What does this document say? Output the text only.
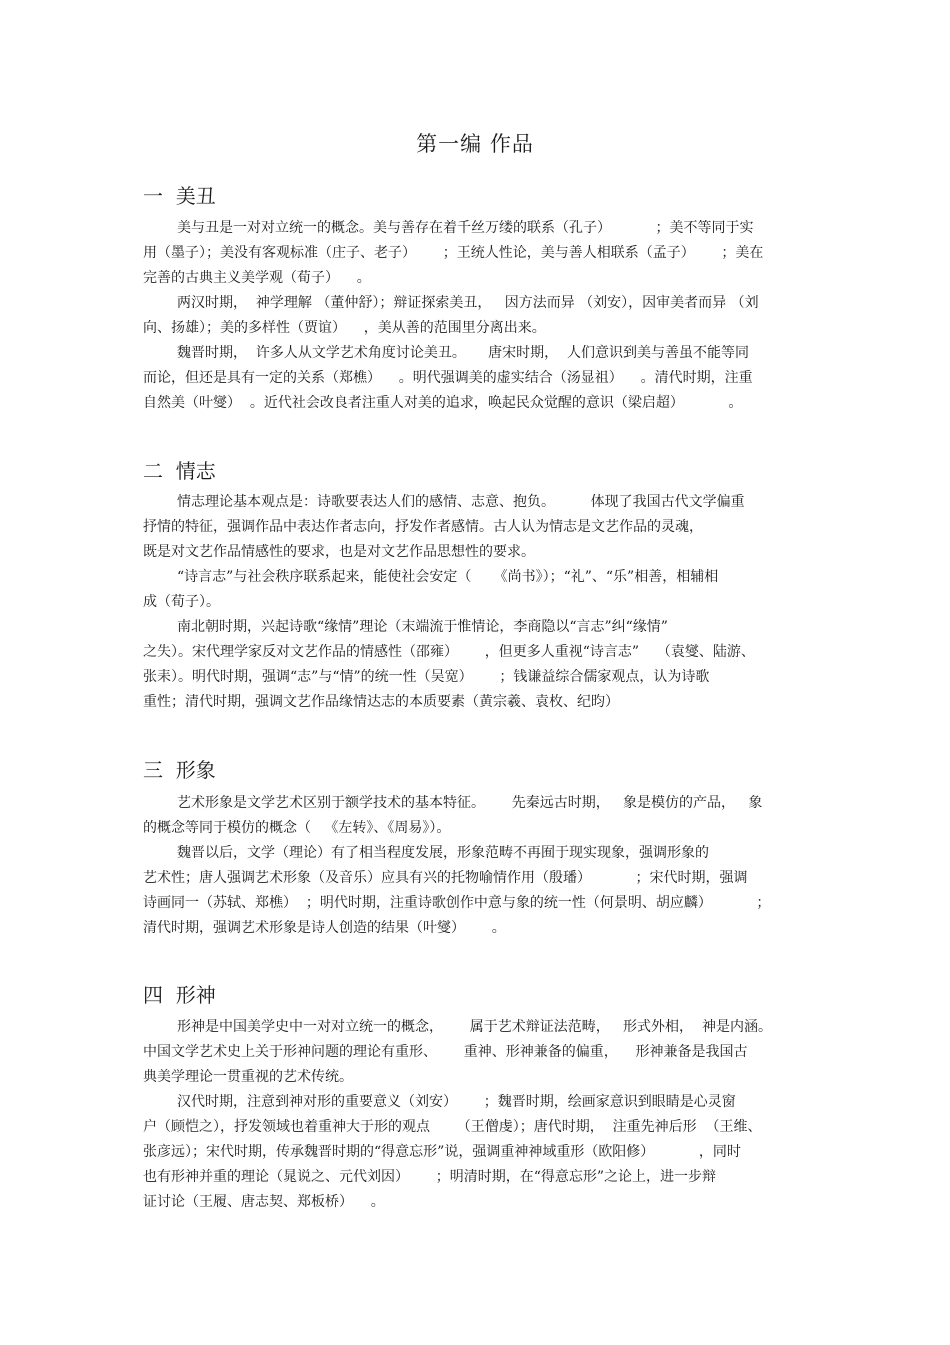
第一编 作品
一  美丑
美与丑是一对对立统一的概念。美与善存在着千丝万缕的联系（孔子）          ；美不等同于实
用（墨子）；美没有客观标准（庄子、老子）      ；王统人性论，美与善人相联系（孟子）      ；美在
完善的古典主义美学观（荀子）    。
两汉时期，  神学理解 （董仲舒）；辩证探索美丑，   因方法而异 （刘安），因审美者而异 （刘
向、扬雄）；美的多样性（贾谊）    ，美从善的范围里分离出来。
魏晋时期，  许多人从文学艺术角度讨论美丑。     唐宋时期，  人们意识到美与善虽不能等同
而论，但还是具有一定的关系（郑樵）    。明代强调美的虚实结合（汤显祖）    。清代时期，注重
自然美（叶燮）  。近代社会改良者注重人对美的追求，唤起民众觉醒的意识（梁启超）          。
二  情志
情志理论基本观点是：诗歌要表达人们的感情、志意、抱负。        体现了我国古代文学偏重
抒情的特征，强调作品中表达作者志向，抒发作者感情。古人认为情志是文艺作品的灵魂，
既是对文艺作品情感性的要求，也是对文艺作品思想性的要求。
“诗言志”与社会秩序联系起来，能使社会安定（     《尚书》）；“礼”、“乐”相善，相辅相
成（荀子）。
南北朝时期，兴起诗歌“缘情”理论（末端流于惟情论，李商隐以“言志”纠“缘情”
之失）。宋代理学家反对文艺作品的情感性（邵雍）      ，但更多人重视“诗言志”    （袁燮、陆游、
张耒）。明代时期，强调“志”与“情”的统一性（吴宽）      ；钱谦益综合儒家观点，认为诗歌
重性；清代时期，强调文艺作品缘情达志的本质要素（黄宗羲、袁枚、纪昀）
三  形象
艺术形象是文学艺术区别于额学技术的基本特征。      先秦远古时期，   象是模仿的产品，   象
的概念等同于模仿的概念（   《左转》、《周易》）。
魏晋以后，文学（理论）有了相当程度发展，形象范畴不再囿于现实现象，强调形象的
艺术性；唐人强调艺术形象（及音乐）应具有兴的托物喻情作用（殷璠）          ；宋代时期，强调
诗画同一（苏轼、郑樵）  ；明代时期，注重诗歌创作中意与象的统一性（何景明、胡应麟）          ；
清代时期，强调艺术形象是诗人创造的结果（叶燮）      。
四  形神
形神是中国美学史中一对对立统一的概念，      属于艺术辩证法范畴，   形式外相，  神是内涵。
中国文学艺术史上关于形神问题的理论有重形、      重神、形神兼备的偏重，    形神兼备是我国古
典美学理论一贯重视的艺术传统。
汉代时期，注意到神对形的重要意义（刘安）      ；魏晋时期，绘画家意识到眼睛是心灵窗
户（顾恺之），抒发领域也着重神大于形的观点      （王僧虔）；唐代时期，  注重先神后形  （王维、
张彦远）；宋代时期，传承魏晋时期的“得意忘形”说，强调重神神域重形（欧阳修）          ，同时
也有形神并重的理论（晁说之、元代刘因）      ；明清时期，在“得意忘形”之论上，进一步辩
证讨论（王履、唐志契、郑板桥）    。
